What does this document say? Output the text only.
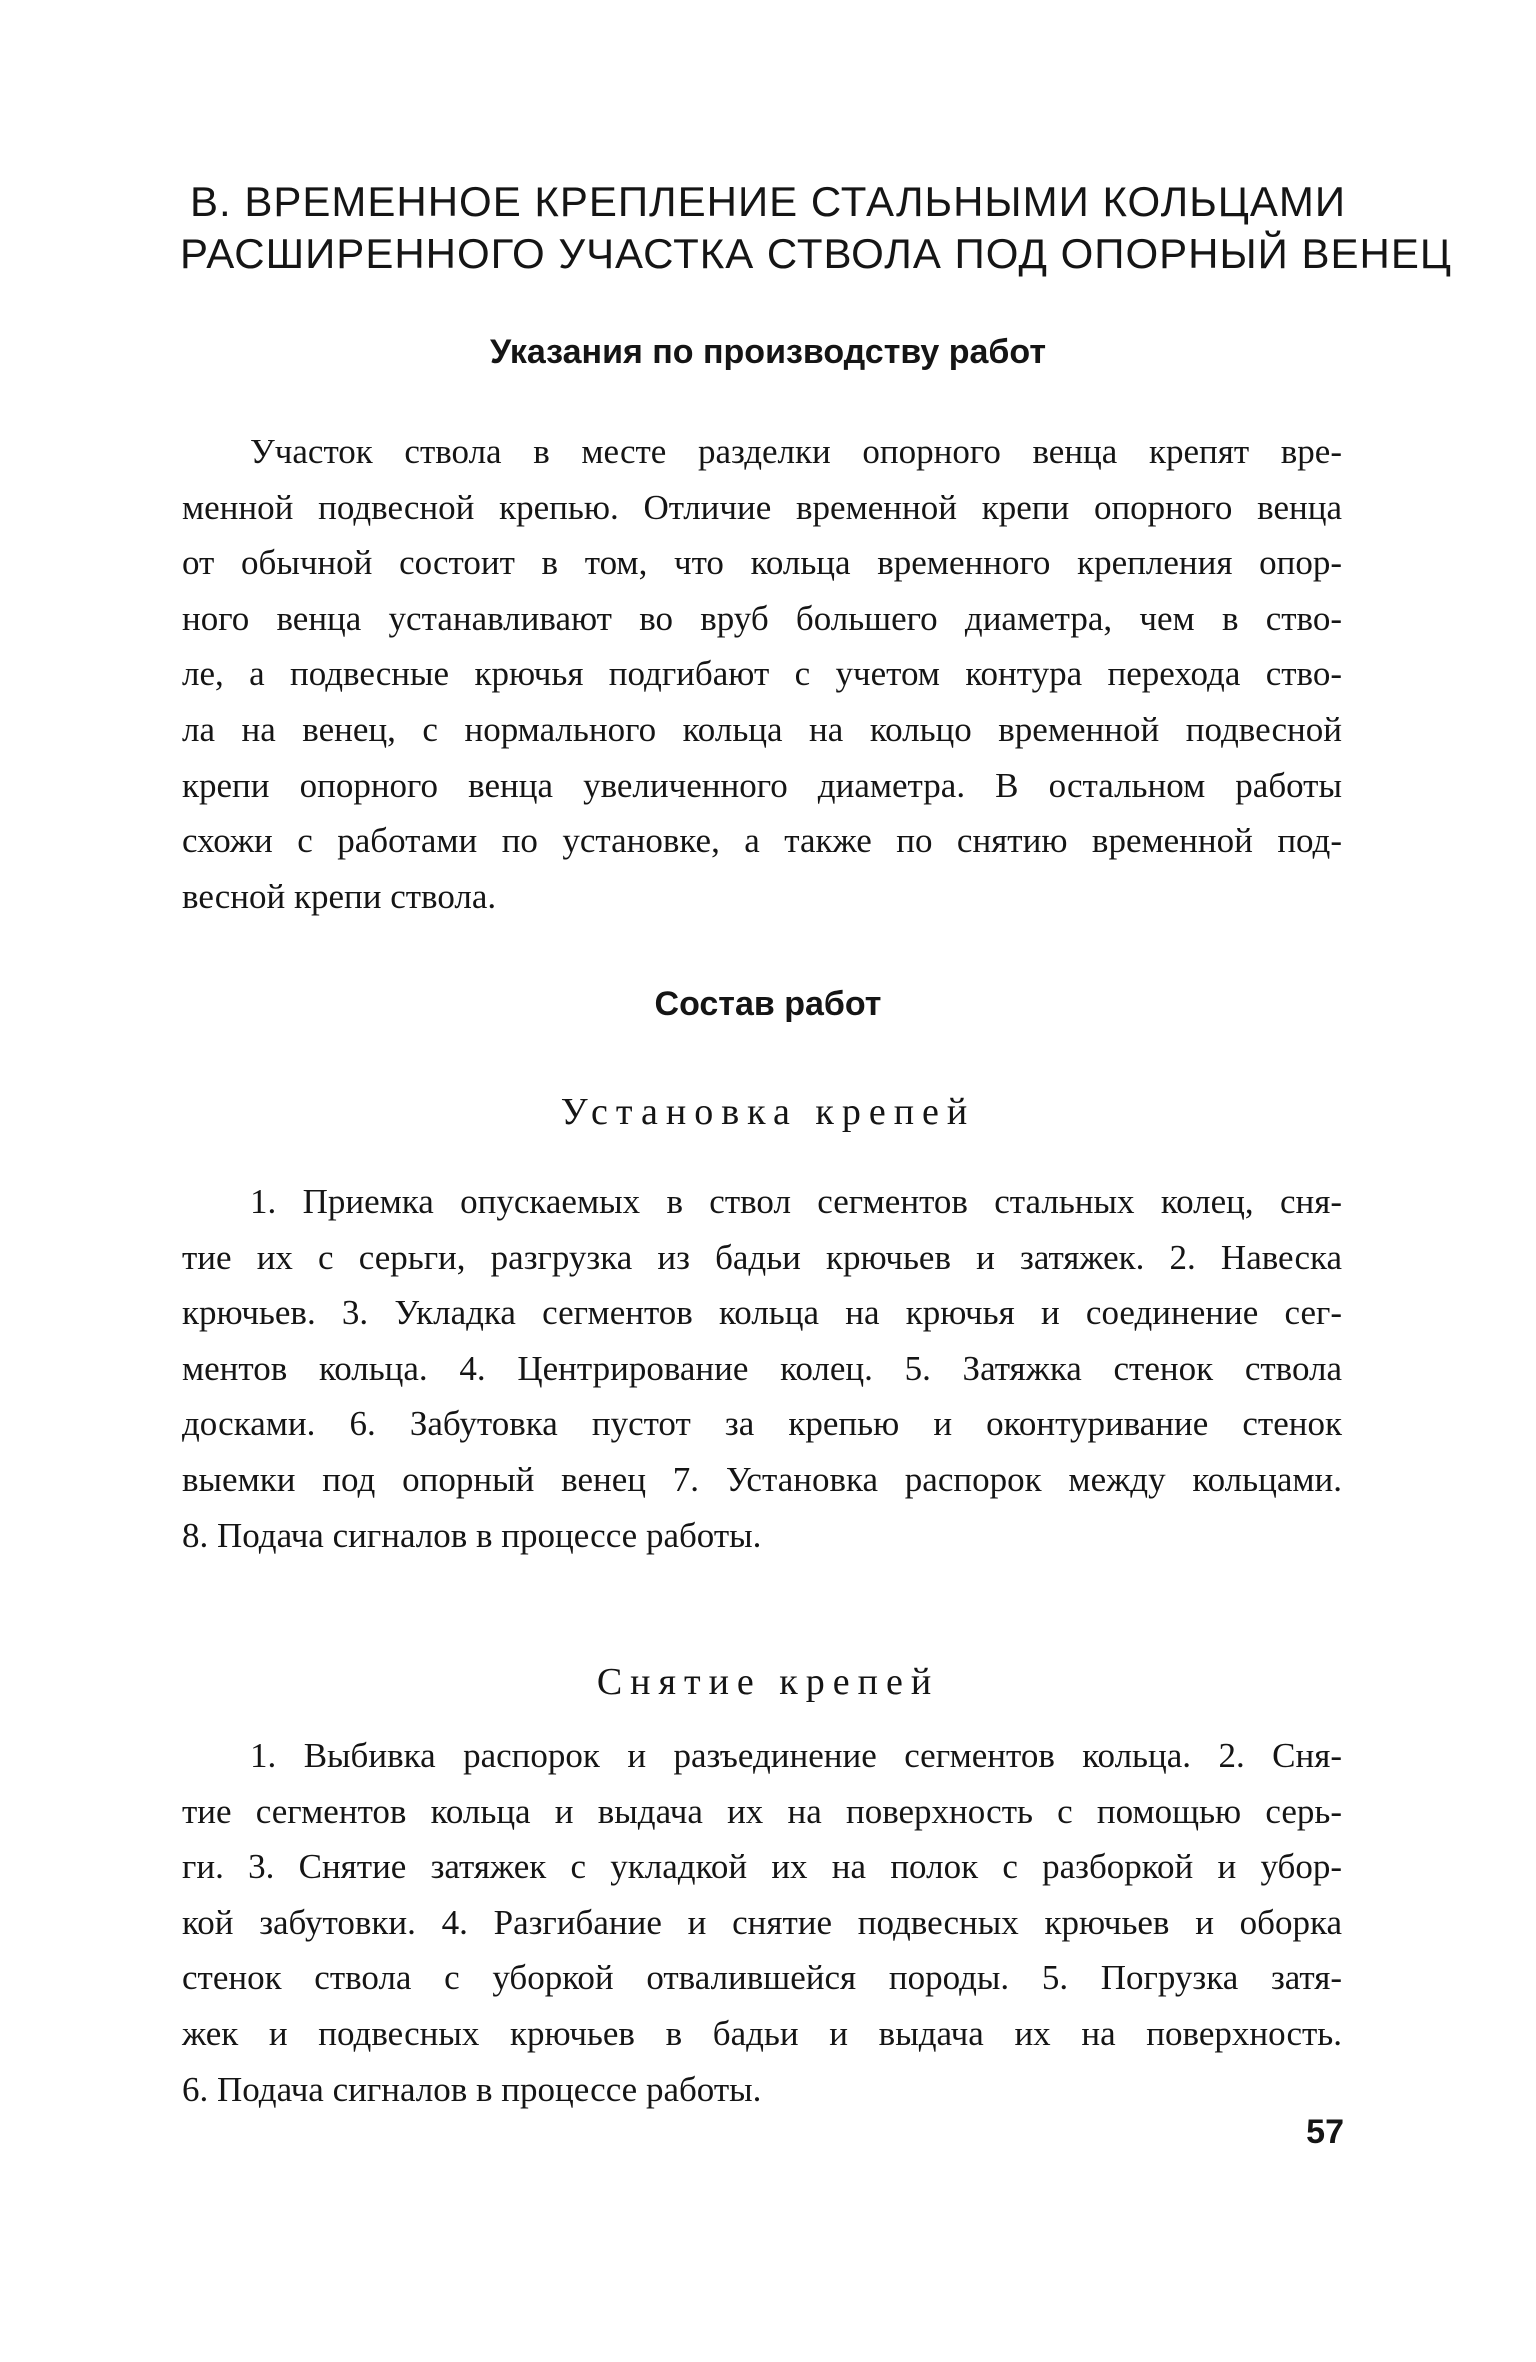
В. ВРЕМЕННОЕ КРЕПЛЕНИЕ СТАЛЬНЫМИ КОЛЬЦАМИ
РАСШИРЕННОГО УЧАСТКА СТВОЛА ПОД ОПОРНЫЙ ВЕНЕЦ
Указания по производству работ
Участок ствола в месте разделки опорного венца крепят вре-
менной подвесной крепью. Отличие временной крепи опорного венца
от обычной состоит в том, что кольца временного крепления опор-
ного венца устанавливают во вруб большего диаметра, чем в ство-
ле, а подвесные крючья подгибают с учетом контура перехода ство-
ла на венец, с нормального кольца на кольцо временной подвесной
крепи опорного венца увеличенного диаметра. В остальном работы
схожи с работами по установке, а также по снятию временной под-
весной крепи ствола.
Состав работ
Установка крепей
1. Приемка опускаемых в ствол сегментов стальных колец, сня-
тие их с серьги, разгрузка из бадьи крючьев и затяжек. 2. Навеска
крючьев. 3. Укладка сегментов кольца на крючья и соединение сег-
ментов кольца. 4. Центрирование колец. 5. Затяжка стенок ствола
досками. 6. Забутовка пустот за крепью и оконтуривание стенок
выемки под опорный венец 7. Установка распорок между кольцами.
8. Подача сигналов в процессе работы.
Снятие крепей
1. Выбивка распорок и разъединение сегментов кольца. 2. Сня-
тие сегментов кольца и выдача их на поверхность с помощью серь-
ги. 3. Снятие затяжек с укладкой их на полок с разборкой и убор-
кой забутовки. 4. Разгибание и снятие подвесных крючьев и оборка
стенок ствола с уборкой отвалившейся породы. 5. Погрузка затя-
жек и подвесных крючьев в бадьи и выдача их на поверхность.
6. Подача сигналов в процессе работы.
57
